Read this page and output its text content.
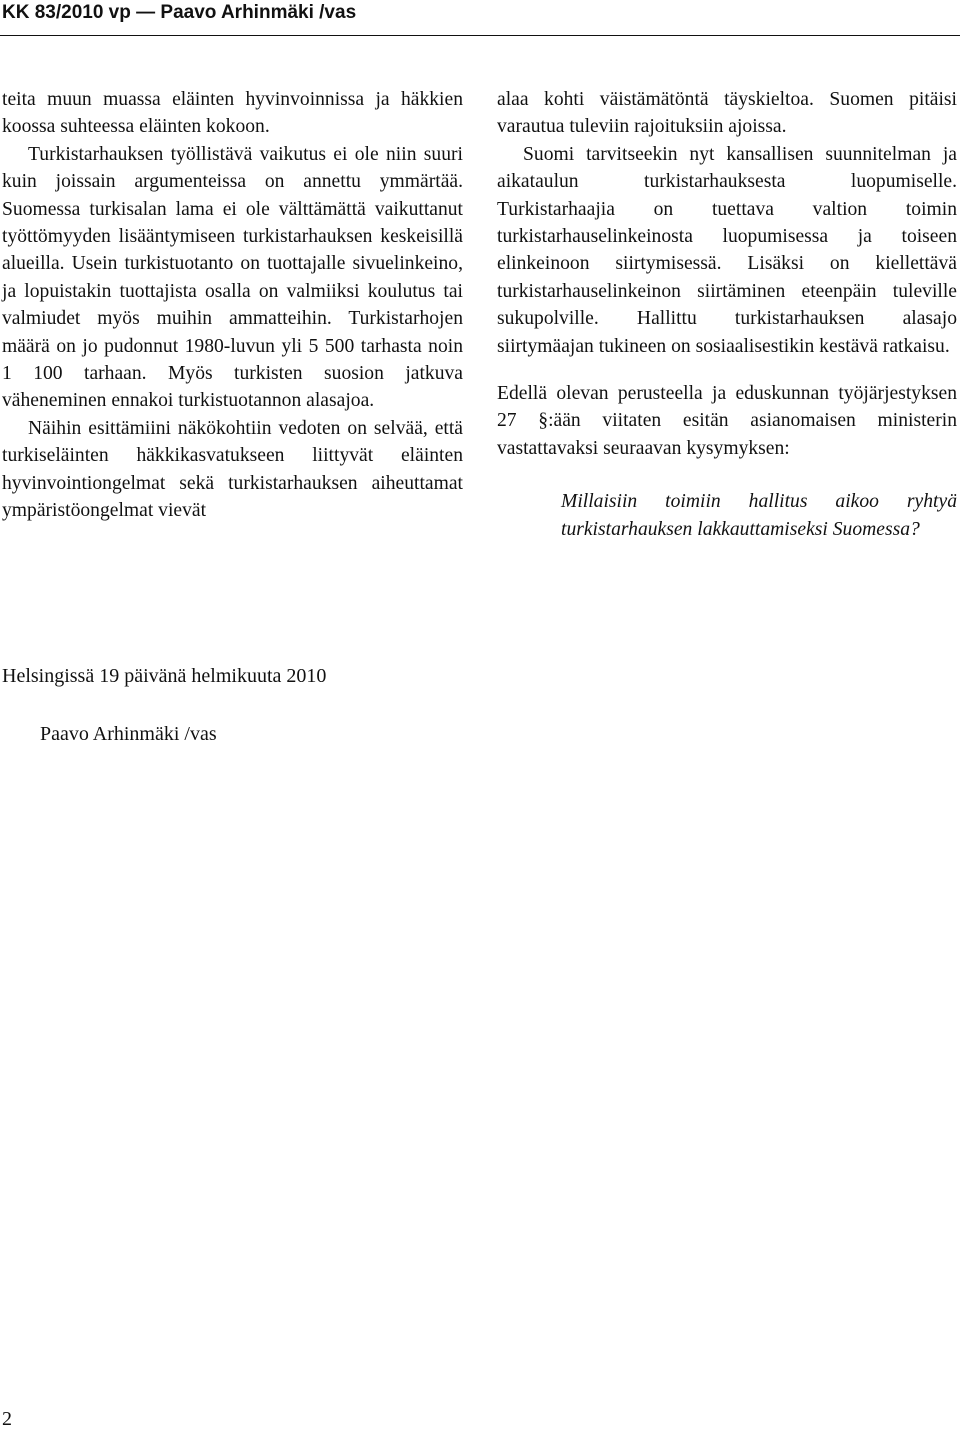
KK 83/2010 vp — Paavo Arhinmäki /vas

teita muun muassa eläinten hyvinvoinnissa ja häkkien koossa suhteessa eläinten kokoon.

Turkistarhauksen työllistävä vaikutus ei ole niin suuri kuin joissain argumenteissa on annettu ymmärtää. Suomessa turkisalan lama ei ole välttämättä vaikuttanut työttömyyden lisääntymiseen turkistarhauksen keskeisillä alueilla. Usein turkistuotanto on tuottajalle sivuelinkeino, ja lopuistakin tuottajista osalla on valmiiksi koulutus tai valmiudet myös muihin ammatteihin. Turkistarhojen määrä on jo pudonnut 1980-luvun yli 5 500 tarhasta noin 1 100 tarhaan. Myös turkisten suosion jatkuva väheneminen ennakoi turkistuotannon alasajoa.

Näihin esittämiini näkökohtiin vedoten on selvää, että turkiseläinten häkkikasvatukseen liittyvät eläinten hyvinvointiongelmat sekä turkistarhauksen aiheuttamat ympäristöongelmat vievät

alaa kohti väistämätöntä täyskieltoa. Suomen pitäisi varautua tuleviin rajoituksiin ajoissa.

Suomi tarvitseekin nyt kansallisen suunnitelman ja aikataulun turkistarhauksesta luopumiselle. Turkistarhaajia on tuettava valtion toimin turkistarhauselinkeinosta luopumisessa ja toiseen elinkeinoon siirtymisessä. Lisäksi on kiellettävä turkistarhauselinkeinon siirtäminen eteenpäin tuleville sukupolville. Hallittu turkistarhauksen alasajo siirtymäajan tukineen on sosiaalisestikin kestävä ratkaisu.

Edellä olevan perusteella ja eduskunnan työjärjestyksen 27 §:ään viitaten esitän asianomaisen ministerin vastattavaksi seuraavan kysymyksen:

Millaisiin toimiin hallitus aikoo ryhtyä turkistarhauksen lakkauttamiseksi Suomessa?

Helsingissä 19 päivänä helmikuuta 2010
Paavo Arhinmäki /vas
2
